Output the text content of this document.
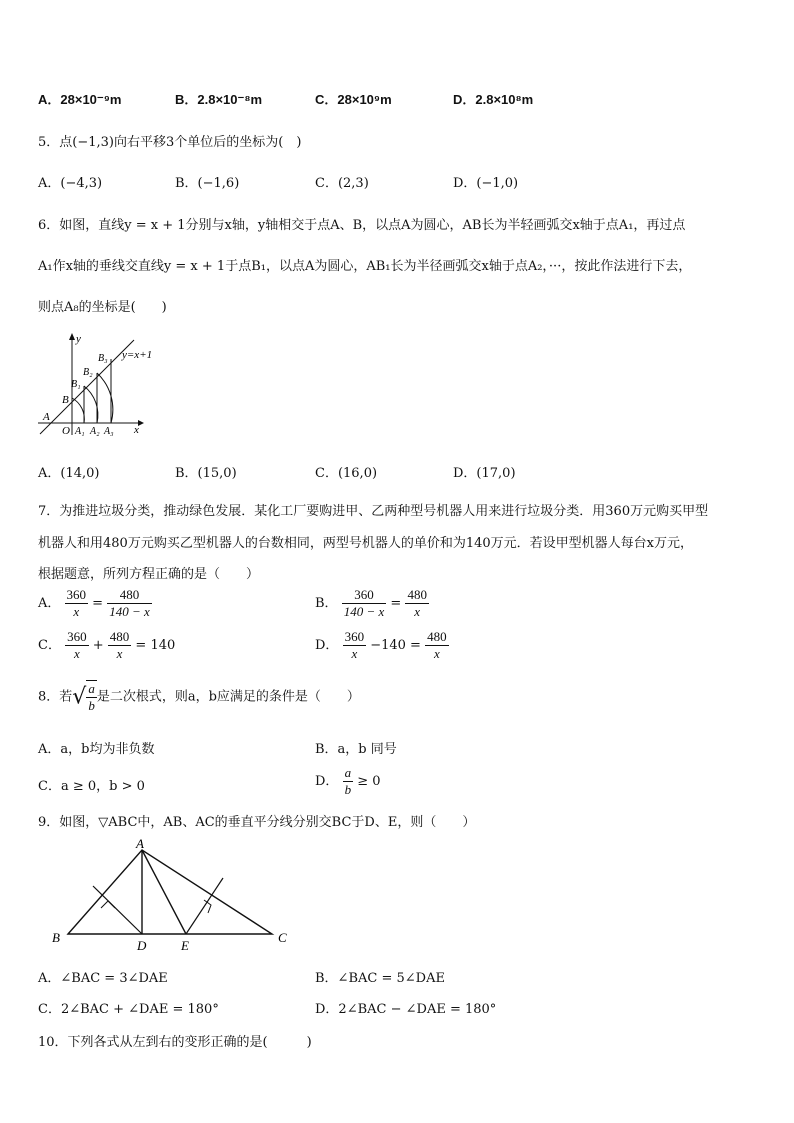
A．28×10⁻⁹m	B．2.8×10⁻⁸m	C．28×10⁹m	D．2.8×10⁸m
5．点(−1,3)向右平移3个单位后的坐标为(　)
A．(−4,3)	B．(−1,6)	C．(2,3)	D．(−1,0)
6．如图，直线y = x + 1分别与x轴，y轴相交于点A、B，以点A为圆心，AB长为半轻画弧交x轴于点A₁，再过点
A₁作x轴的垂线交直线y = x + 1于点B₁，以点A为圆心，AB₁长为半径画弧交x轴于点A₂，···，按此作法进行下去，
则点A₈的坐标是(　　)
y
x
y=x+1
A
O A₁ A₂ A₃
B
B₁
B₂
B₃
A．(14,0)	B．(15,0)	C．(16,0)	D．(17,0)
7．为推进垃圾分类，推动绿色发展．某化工厂要购进甲、乙两种型号机器人用来进行垃圾分类．用360万元购买甲型
机器人和用480万元购买乙型机器人的台数相同，两型号机器人的单价和为140万元．若设甲型机器人每台x万元，
根据题意，所列方程正确的是（　　）
A． $\frac{360}{x} = \frac{480}{140 - x}$	B． $\frac{360}{140 - x} = \frac{480}{x}$
C． $\frac{360}{x} + \frac{480}{x} = 140$	D． $\frac{360}{x} -140 = \frac{480}{x}$
8．若√ $\frac{a}{b}$ 是二次根式，则a，b应满足的条件是（　　）
A．a，b均为非负数	B．a，b 同号
C．a ≥ 0，b > 0	D． $\frac{a}{b} \ge 0$
9．如图，▽ABC中，AB、AC的垂直平分线分别交BC于D、E，则（　　）
A
B	C
D	E
A．∠BAC = 3∠DAE	B．∠BAC = 5∠DAE
C．2∠BAC + ∠DAE = 180°	D．2∠BAC − ∠DAE = 180°
10．下列各式从左到右的变形正确的是(　　　)
